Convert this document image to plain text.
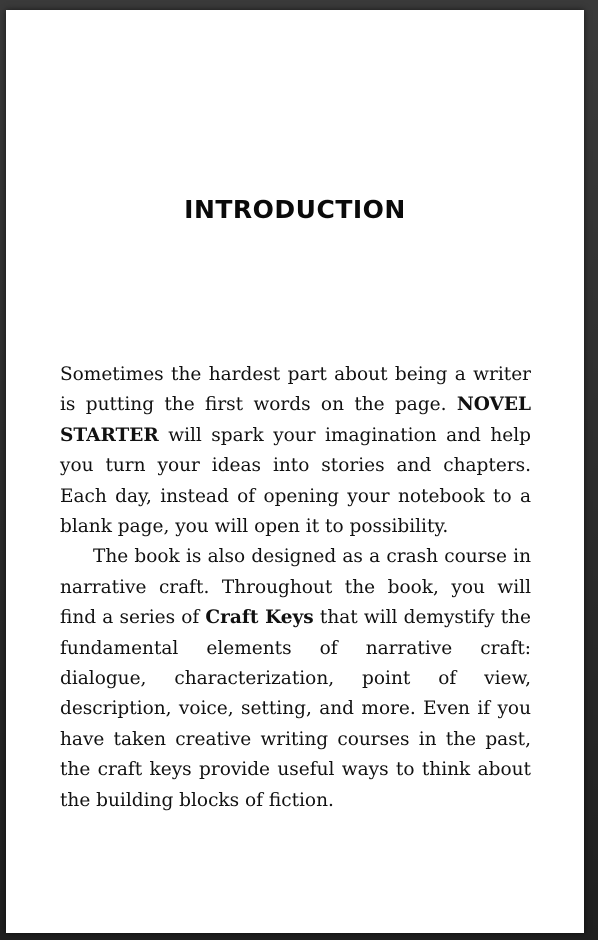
INTRODUCTION

Sometimes the hardest part about being a writer is putting the first words on the page. NOVEL STARTER will spark your imagination and help you turn your ideas into stories and chapters. Each day, instead of opening your notebook to a blank page, you will open it to possibility.

The book is also designed as a crash course in narrative craft. Throughout the book, you will find a series of Craft Keys that will demystify the fundamental elements of narrative craft: dialogue, characterization, point of view, description, voice, setting, and more. Even if you have taken creative writing courses in the past, the craft keys provide useful ways to think about the building blocks of fiction.
